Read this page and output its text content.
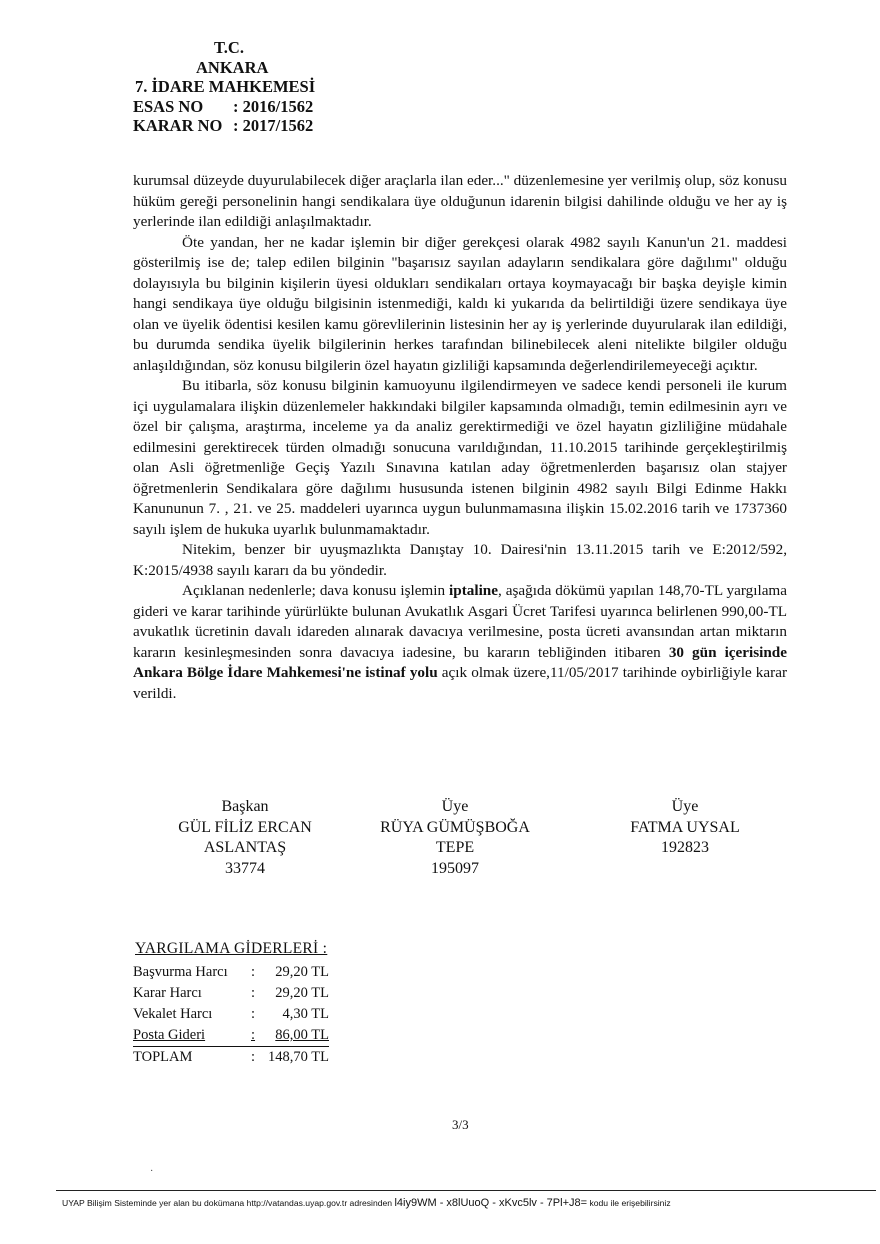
T.C.
ANKARA
7. İDARE MAHKEMESİ
ESAS NO	: 2016/1562
KARAR NO : 2017/1562

kurumsal düzeyde duyurulabilecek diğer araçlarla ilan eder..." düzenlemesine yer verilmiş olup, söz konusu hüküm gereği personelinin hangi sendikalara üye olduğunun idarenin bilgisi dahilinde olduğu ve her ay iş yerlerinde ilan edildiği anlaşılmaktadır.

Öte yandan, her ne kadar işlemin bir diğer gerekçesi olarak 4982 sayılı Kanun'un 21. maddesi gösterilmiş ise de; talep edilen bilginin "başarısız sayılan adayların sendikalara göre dağılımı" olduğu dolayısıyla bu bilginin kişilerin üyesi oldukları sendikaları ortaya koymayacağı bir başka deyişle kimin hangi sendikaya üye olduğu bilgisinin istenmediği, kaldı ki yukarıda da belirtildiği üzere sendikaya üye olan ve üyelik ödentisi kesilen kamu görevlilerinin listesinin her ay iş yerlerinde duyurularak ilan edildiği, bu durumda sendika üyelik bilgilerinin herkes tarafından bilinebilecek aleni nitelikte bilgiler olduğu anlaşıldığından, söz konusu bilgilerin özel hayatın gizliliği kapsamında değerlendirilemeyeceği açıktır.

Bu itibarla, söz konusu bilginin kamuoyunu ilgilendirmeyen ve sadece kendi personeli ile kurum içi uygulamalara ilişkin düzenlemeler hakkındaki bilgiler kapsamında olmadığı, temin edilmesinin ayrı ve özel bir çalışma, araştırma, inceleme ya da analiz gerektirmediği ve özel hayatın gizliliğine müdahale edilmesini gerektirecek türden olmadığı sonucuna varıldığından, 11.10.2015 tarihinde gerçekleştirilmiş olan Asli öğretmenliğe Geçiş Yazılı Sınavına katılan aday öğretmenlerden başarısız olan stajyer öğretmenlerin Sendikalara göre dağılımı hususunda istenen bilginin 4982 sayılı Bilgi Edinme Hakkı Kanununun 7. , 21. ve 25. maddeleri uyarınca uygun bulunmamasına ilişkin 15.02.2016 tarih ve 1737360 sayılı işlem de hukuka uyarlık bulunmamaktadır.

Nitekim, benzer bir uyuşmazlıkta Danıştay 10. Dairesi'nin 13.11.2015 tarih ve E:2012/592, K:2015/4938 sayılı kararı da bu yöndedir.

Açıklanan nedenlerle; dava konusu işlemin iptaline, aşağıda dökümü yapılan 148,70-TL yargılama gideri ve karar tarihinde yürürlükte bulunan Avukatlık Asgari Ücret Tarifesi uyarınca belirlenen 990,00-TL avukatlık ücretinin davalı idareden alınarak davacıya verilmesine, posta ücreti avansından artan miktarın kararın kesinleşmesinden sonra davacıya iadesine, bu kararın tebliğinden itibaren 30 gün içerisinde Ankara Bölge İdare Mahkemesi'ne istinaf yolu açık olmak üzere,11/05/2017 tarihinde oybirliğiyle karar verildi.

Başkan
GÜL FİLİZ ERCAN
ASLANTAŞ
33774
Üye
RÜYA GÜMÜŞBOĞA
TEPE
195097
Üye
FATMA UYSAL
192823
YARGILAMA GİDERLERİ :
Başvurma Harcı	:	29,20 TL
Karar Harcı	:	29,20 TL
Vekalet Harcı	:	4,30 TL
Posta Gideri	:	86,00 TL
TOPLAM	:	148,70 TL
3/3
·
UYAP Bilişim Sisteminde yer alan bu dokümana http://vatandas.uyap.gov.tr adresinden l4iy9WM - x8lUuoQ - xKvc5lv - 7Pl+J8= kodu ile erişebilirsiniz
